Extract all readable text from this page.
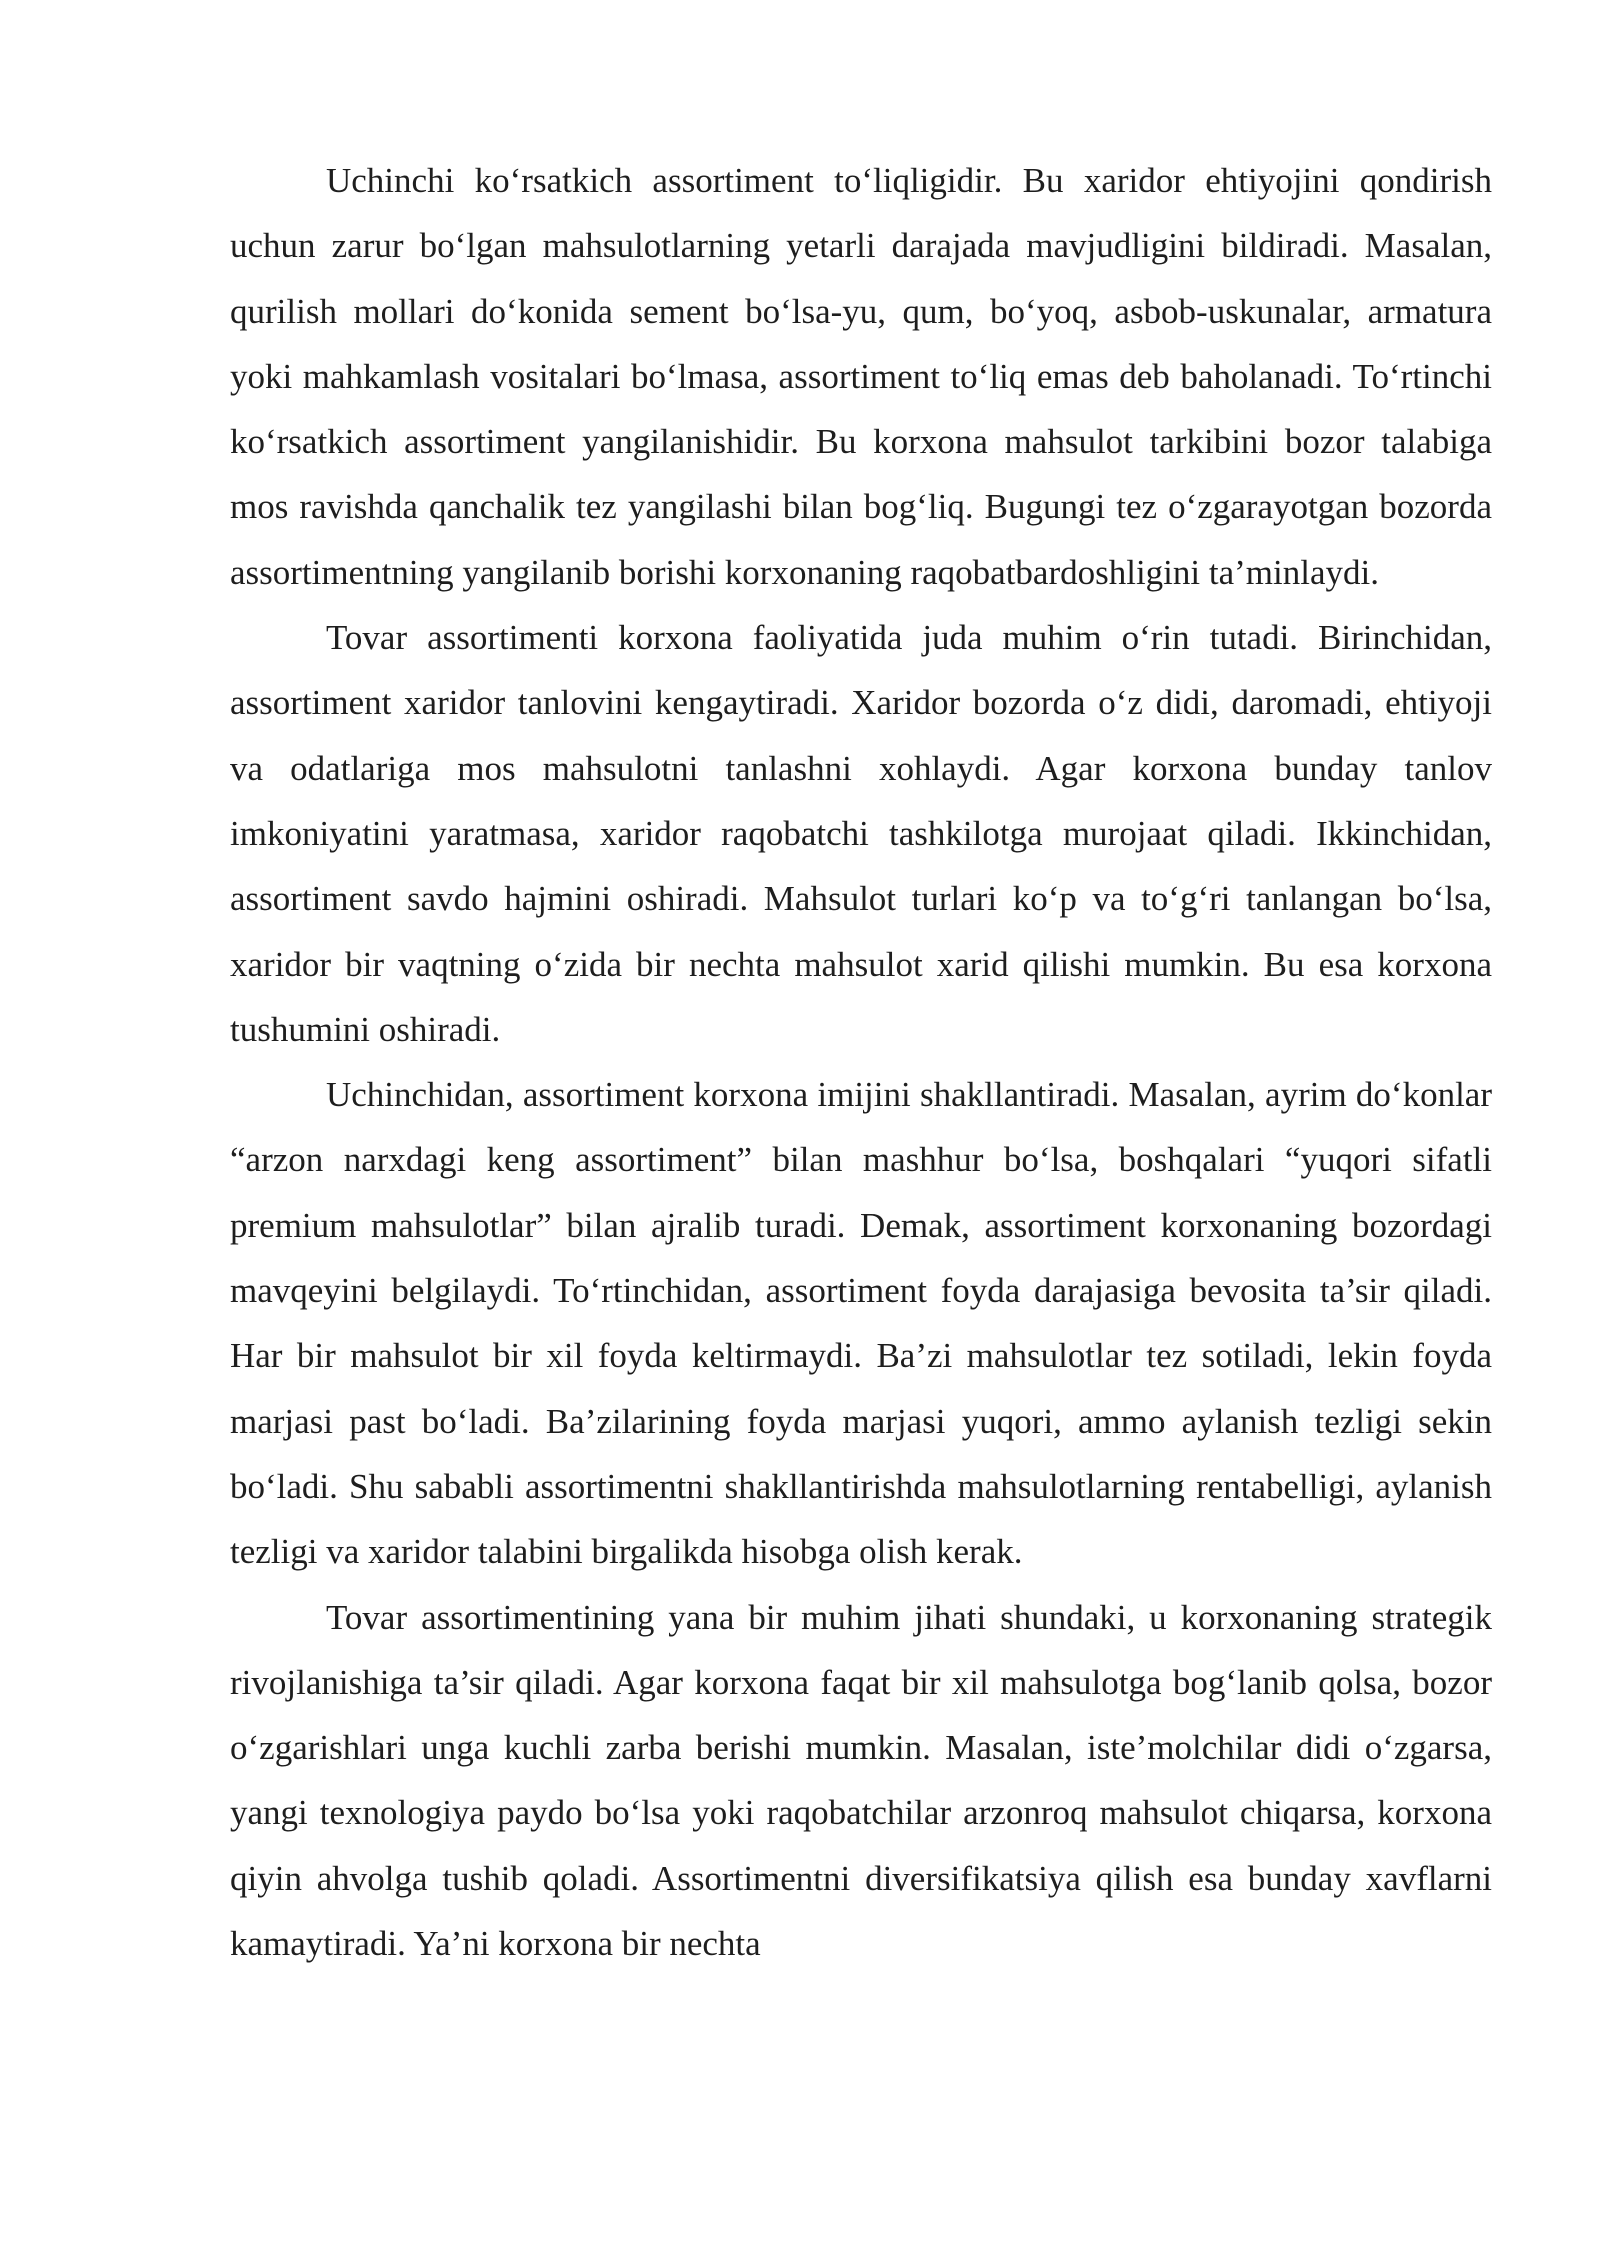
Uchinchi ko‘rsatkich assortiment to‘liqligidir. Bu xaridor ehtiyojini qondirish uchun zarur bo‘lgan mahsulotlarning yetarli darajada mavjudligini bildiradi. Masalan, qurilish mollari do‘konida sement bo‘lsa-yu, qum, bo‘yoq, asbob-uskunalar, armatura yoki mahkamlash vositalari bo‘lmasa, assortiment to‘liq emas deb baholanadi. To‘rtinchi ko‘rsatkich assortiment yangilanishidir. Bu korxona mahsulot tarkibini bozor talabiga mos ravishda qanchalik tez yangilashi bilan bog‘liq. Bugungi tez o‘zgarayotgan bozorda assortimentning yangilanib borishi korxonaning raqobatbardoshligini ta’minlaydi.

Tovar assortimenti korxona faoliyatida juda muhim o‘rin tutadi. Birinchidan, assortiment xaridor tanlovini kengaytiradi. Xaridor bozorda o‘z didi, daromadi, ehtiyoji va odatlariga mos mahsulotni tanlashni xohlaydi. Agar korxona bunday tanlov imkoniyatini yaratmasa, xaridor raqobatchi tashkilotga murojaat qiladi. Ikkinchidan, assortiment savdo hajmini oshiradi. Mahsulot turlari ko‘p va to‘g‘ri tanlangan bo‘lsa, xaridor bir vaqtning o‘zida bir nechta mahsulot xarid qilishi mumkin. Bu esa korxona tushumini oshiradi.

Uchinchidan, assortiment korxona imijini shakllantiradi. Masalan, ayrim do‘konlar “arzon narxdagi keng assortiment” bilan mashhur bo‘lsa, boshqalari “yuqori sifatli premium mahsulotlar” bilan ajralib turadi. Demak, assortiment korxonaning bozordagi mavqeyini belgilaydi. To‘rtinchidan, assortiment foyda darajasiga bevosita ta’sir qiladi. Har bir mahsulot bir xil foyda keltirmaydi. Ba’zi mahsulotlar tez sotiladi, lekin foyda marjasi past bo‘ladi. Ba’zilarining foyda marjasi yuqori, ammo aylanish tezligi sekin bo‘ladi. Shu sababli assortimentni shakllantirishda mahsulotlarning rentabelligi, aylanish tezligi va xaridor talabini birgalikda hisobga olish kerak.

Tovar assortimentining yana bir muhim jihati shundaki, u korxonaning strategik rivojlanishiga ta’sir qiladi. Agar korxona faqat bir xil mahsulotga bog‘lanib qolsa, bozor o‘zgarishlari unga kuchli zarba berishi mumkin. Masalan, iste’molchilar didi o‘zgarsa, yangi texnologiya paydo bo‘lsa yoki raqobatchilar arzonroq mahsulot chiqarsa, korxona qiyin ahvolga tushib qoladi. Assortimentni diversifikatsiya qilish esa bunday xavflarni kamaytiradi. Ya’ni korxona bir nechta
